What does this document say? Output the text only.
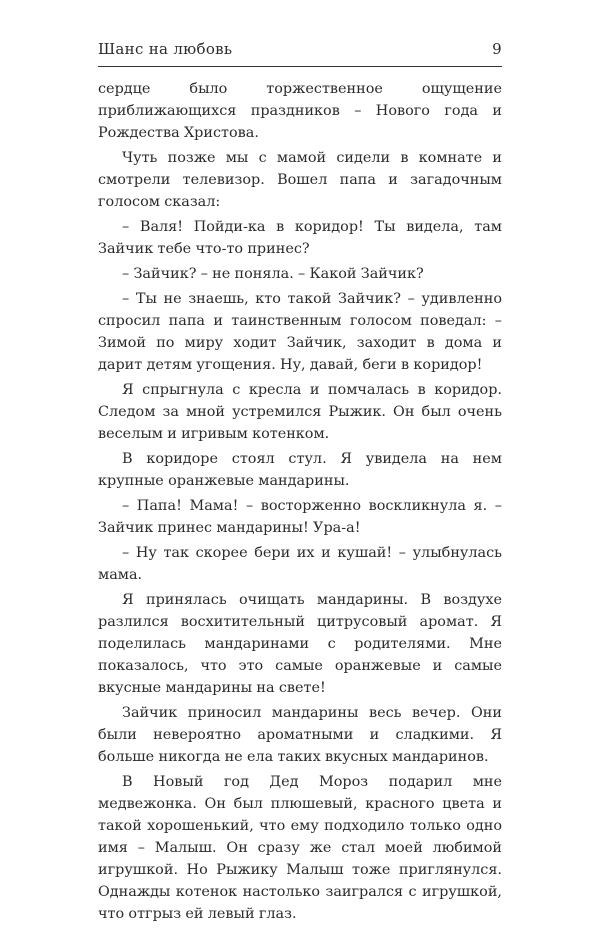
Шанс на любовь	9

сердце было торжественное ощущение приближающихся праздников – Нового года и Рождества Христова.

Чуть позже мы с мамой сидели в комнате и смотрели телевизор. Вошел папа и загадочным голосом сказал:

– Валя! Пойди-ка в коридор! Ты видела, там Зайчик тебе что-то принес?

– Зайчик? – не поняла. – Какой Зайчик?

– Ты не знаешь, кто такой Зайчик? – удивленно спросил папа и таинственным голосом поведал: – Зимой по миру ходит Зайчик, заходит в дома и дарит детям угощения. Ну, давай, беги в коридор!

Я спрыгнула с кресла и помчалась в коридор. Следом за мной устремился Рыжик. Он был очень веселым и игривым котенком.

В коридоре стоял стул. Я увидела на нем крупные оранжевые мандарины.

– Папа! Мама! – восторженно воскликнула я. – Зайчик принес мандарины! Ура-а!

– Ну так скорее бери их и кушай! – улыбнулась мама.

Я принялась очищать мандарины. В воздухе разлился восхитительный цитрусовый аромат. Я поделилась мандаринами с родителями. Мне показалось, что это самые оранжевые и самые вкусные мандарины на свете!

Зайчик приносил мандарины весь вечер. Они были невероятно ароматными и сладкими. Я больше никогда не ела таких вкусных мандаринов.

В Новый год Дед Мороз подарил мне медвежонка. Он был плюшевый, красного цвета и такой хорошенький, что ему подходило только одно имя – Малыш. Он сразу же стал моей любимой игрушкой. Но Рыжику Малыш тоже приглянулся. Однажды котенок настолько заигрался с игрушкой, что отгрыз ей левый глаз.
